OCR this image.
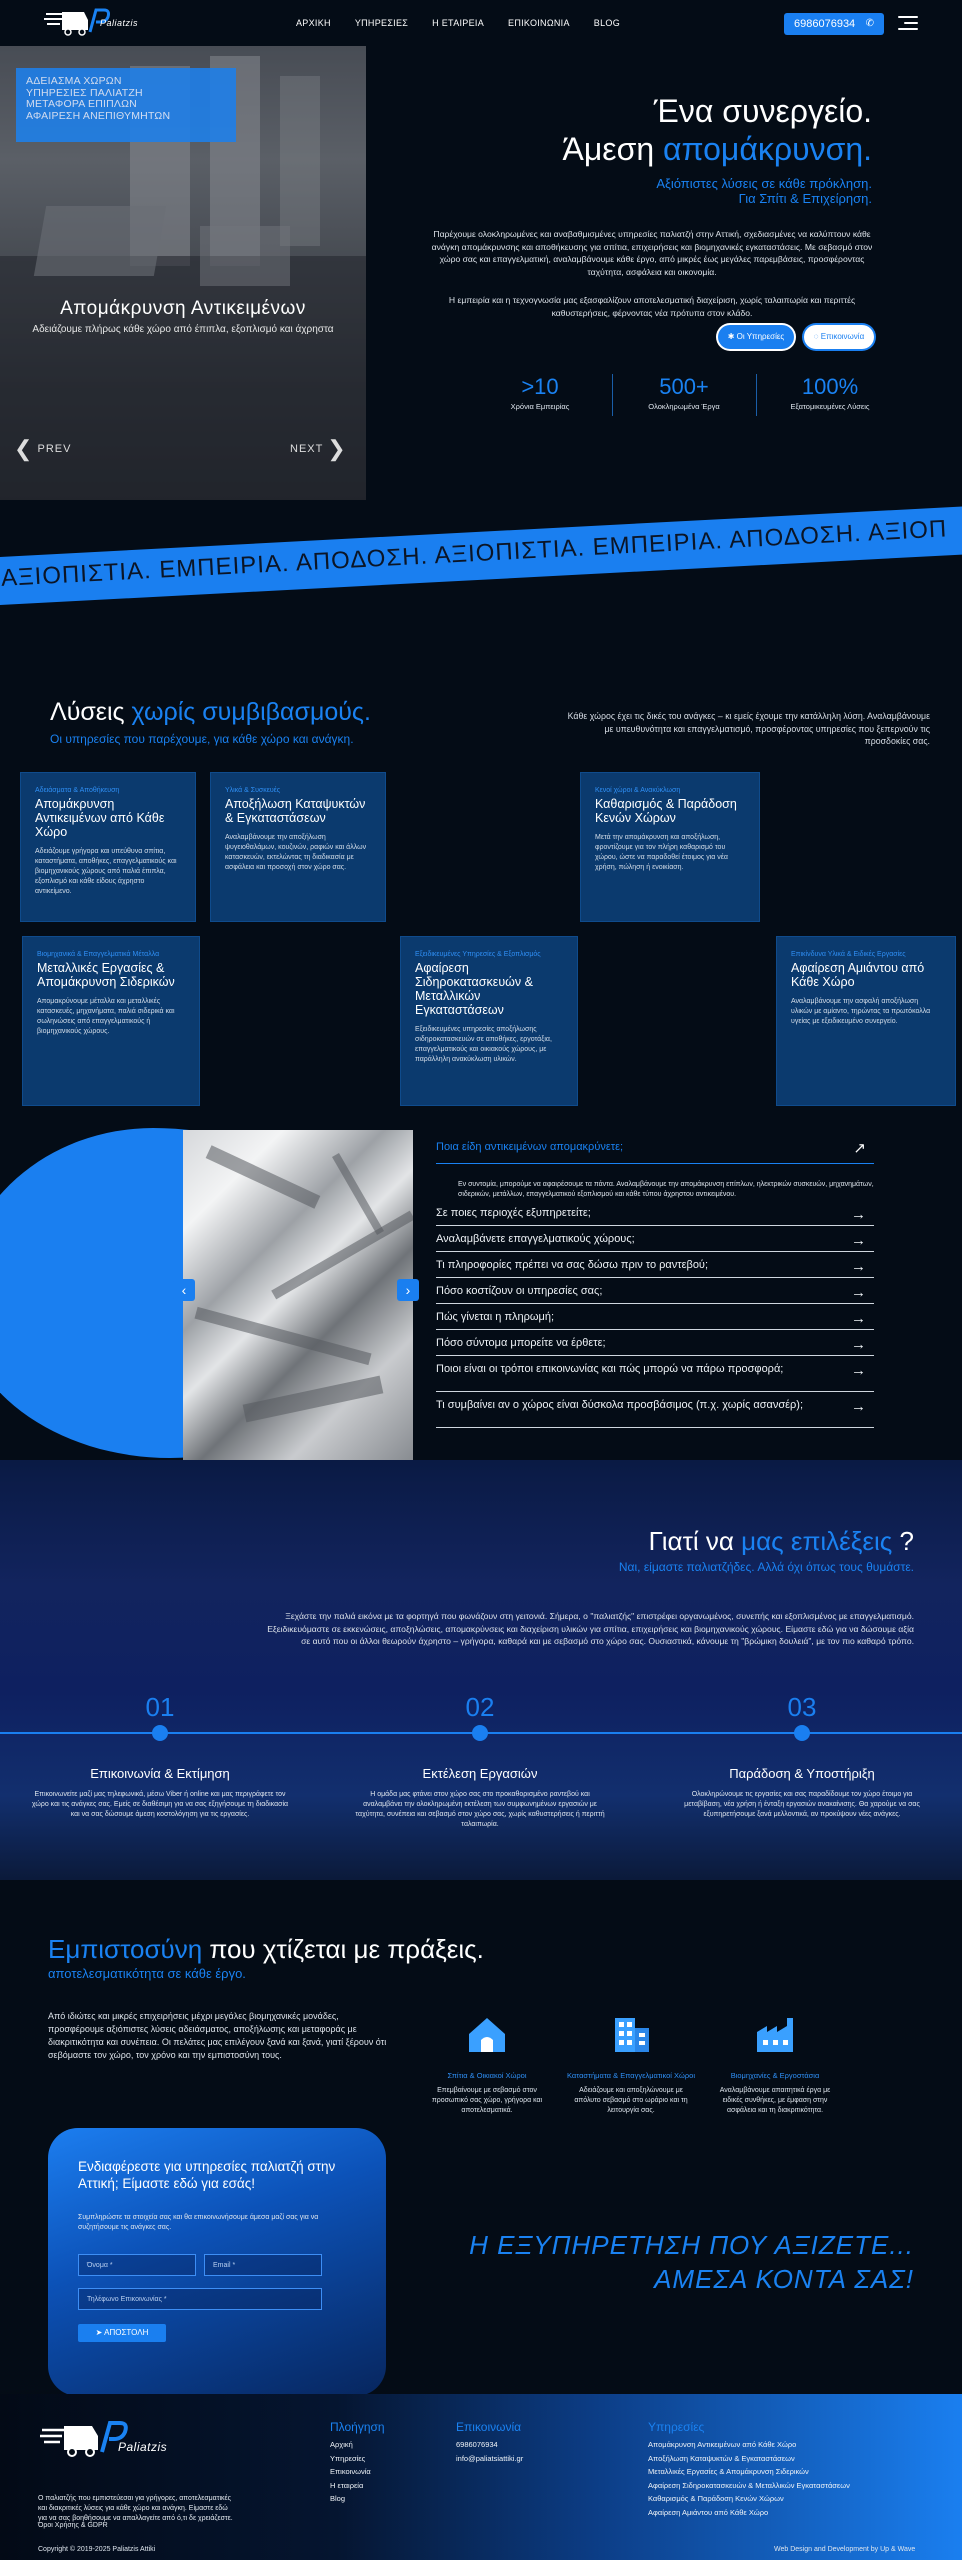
Paliatzis	ΑΡΧΙΚΗ	ΥΠΗΡΕΣΙΕΣ	Η ΕΤΑΙΡΕΙΑ	ΕΠΙΚΟΙΝΩΝΙΑ	BLOG	6986076934 ✆
ΑΔΕΙΑΣΜΑ ΧΩΡΩΝ
ΥΠΗΡΕΣΙΕΣ ΠΑΛΙΑΤΖΗ
ΜΕΤΑΦΟΡΑ ΕΠΙΠΛΩΝ
ΑΦΑΙΡΕΣΗ ΑΝΕΠΙΘΥΜΗΤΩΝ
Απομάκρυνση Αντικειμένων
Αδειάζουμε πλήρως κάθε χώρο από έπιπλα, εξοπλισμό και άχρηστα
❮ PREV	NEXT ❯
Ένα συνεργείο.
Άμεση απομάκρυνση.
Αξιόπιστες λύσεις σε κάθε πρόκληση.
Για Σπίτι & Επιχείρηση.
Παρέχουμε ολοκληρωμένες και αναβαθμισμένες υπηρεσίες παλιατζή στην Αττική, σχεδιασμένες να καλύπτουν κάθε ανάγκη απομάκρυνσης και αποθήκευσης για σπίτια, επιχειρήσεις και βιομηχανικές εγκαταστάσεις. Με σεβασμό στον χώρο σας και επαγγελματική, αναλαμβάνουμε κάθε έργο, από μικρές έως μεγάλες παρεμβάσεις, προσφέροντας ταχύτητα, ασφάλεια και οικονομία.
Η εμπειρία και η τεχνογνωσία μας εξασφαλίζουν αποτελεσματική διαχείριση, χωρίς ταλαιπωρία και περιττές καθυστερήσεις, φέρνοντας νέα πρότυπα στον κλάδο.
✱ Οι Υπηρεσίες	◌ Επικοινωνία
>10
Χρόνια Εμπειρίας
500+
Ολοκληρωμένα Έργα
100%
Εξατομικευμένες Λύσεις
ΑΞΙΟΠΙΣΤΙΑ. ΕΜΠΕΙΡΙΑ. ΑΠΟΔΟΣΗ. ΑΞΙΟΠΙΣΤΙΑ. ΕΜΠΕΙΡΙΑ. ΑΠΟΔΟΣΗ. ΑΞΙΟΠ
Λύσεις χωρίς συμβιβασμούς.
Οι υπηρεσίες που παρέχουμε, για κάθε χώρο και ανάγκη.
Κάθε χώρος έχει τις δικές του ανάγκες – κι εμείς έχουμε την κατάλληλη λύση. Αναλαμβάνουμε με υπευθυνότητα και επαγγελματισμό, προσφέροντας υπηρεσίες που ξεπερνούν τις προσδοκίες σας.
Αδειάσματα & Αποθήκευση
Απομάκρυνση Αντικειμένων από Κάθε Χώρο
Αδειάζουμε γρήγορα και υπεύθυνα σπίτια, καταστήματα, αποθήκες, επαγγελματικούς και βιομηχανικούς χώρους από παλιά έπιπλα, εξοπλισμό και κάθε είδους άχρηστο αντικείμενο.
Υλικά & Συσκευές
Αποξήλωση Καταψυκτών & Εγκαταστάσεων
Αναλαμβάνουμε την αποξήλωση ψυγειοθαλάμων, κουζινών, ραφιών και άλλων κατασκευών, εκτελώντας τη διαδικασία με ασφάλεια και προσοχή στον χώρο σας.
Κενοί χώροι & Ανακύκλωση
Καθαρισμός & Παράδοση Κενών Χώρων
Μετά την απομάκρυνση και αποξήλωση, φροντίζουμε για τον πλήρη καθαρισμό του χώρου, ώστε να παραδοθεί έτοιμος για νέα χρήση, πώληση ή ενοικίαση.
Βιομηχανικά & Επαγγελματικά Μέταλλα
Μεταλλικές Εργασίες & Απομάκρυνση Σιδερικών
Απομακρύνουμε μέταλλα και μεταλλικές κατασκευές, μηχανήματα, παλιά σιδερικά και σωληνώσεις από επαγγελματικούς ή βιομηχανικούς χώρους.
Εξειδικευμένες Υπηρεσίες & Εξοπλισμός
Αφαίρεση Σιδηροκατασκευών & Μεταλλικών Εγκαταστάσεων
Εξειδικευμένες υπηρεσίες αποξήλωσης σιδηροκατασκευών σε αποθήκες, εργοτάξια, επαγγελματικούς και οικιακούς χώρους, με παράλληλη ανακύκλωση υλικών.
Επικίνδυνα Υλικά & Ειδικές Εργασίες
Αφαίρεση Αμιάντου από Κάθε Χώρο
Αναλαμβάνουμε την ασφαλή αποξήλωση υλικών με αμίαντο, τηρώντας τα πρωτόκολλα υγείας με εξειδικευμένο συνεργείο.
‹	›
Ποια είδη αντικειμένων απομακρύνετε;	↗
Εν συντομία, μπορούμε να αφαιρέσουμε τα πάντα. Αναλαμβάνουμε την απομάκρυνση επίπλων, ηλεκτρικών συσκευών, μηχανημάτων, σιδερικών, μετάλλων, επαγγελματικού εξοπλισμού και κάθε τύπου άχρηστου αντικειμένου.
Σε ποιες περιοχές εξυπηρετείτε;	→
Αναλαμβάνετε επαγγελματικούς χώρους;	→
Τι πληροφορίες πρέπει να σας δώσω πριν το ραντεβού;	→
Πόσο κοστίζουν οι υπηρεσίες σας;	→
Πώς γίνεται η πληρωμή;	→
Πόσο σύντομα μπορείτε να έρθετε;	→
Ποιοι είναι οι τρόποι επικοινωνίας και πώς μπορώ να πάρω προσφορά;	→
Τι συμβαίνει αν ο χώρος είναι δύσκολα προσβάσιμος (π.χ. χωρίς ασανσέρ);	→
Γιατί να μας επιλέξεις ?
Ναι, είμαστε παλιατζήδες. Αλλά όχι όπως τους θυμάστε.
Ξεχάστε την παλιά εικόνα με τα φορτηγά που φωνάζουν στη γειτονιά. Σήμερα, ο "παλιατζής" επιστρέφει οργανωμένος, συνεπής και εξοπλισμένος με επαγγελματισμό. Εξειδικευόμαστε σε εκκενώσεις, αποξηλώσεις, απομακρύνσεις και διαχείριση υλικών για σπίτια, επιχειρήσεις και βιομηχανικούς χώρους. Είμαστε εδώ για να δώσουμε αξία σε αυτό που οι άλλοι θεωρούν άχρηστο – γρήγορα, καθαρά και με σεβασμό στο χώρο σας. Ουσιαστικά, κάνουμε τη "βρώμικη δουλειά", με τον πιο καθαρό τρόπο.
01	02	03
Επικοινωνία & Εκτίμηση
Επικοινωνείτε μαζί μας τηλεφωνικά, μέσω Viber ή online και μας περιγράφετε τον χώρο και τις ανάγκες σας. Εμείς σε διαθέσιμη για να σας εξηγήσουμε τη διαδικασία και να σας δώσουμε άμεση κοστολόγηση για τις εργασίες.
Εκτέλεση Εργασιών
Η ομάδα μας φτάνει στον χώρο σας στο προκαθορισμένο ραντεβού και αναλαμβάνει την ολοκληρωμένη εκτέλεση των συμφωνημένων εργασιών με ταχύτητα, συνέπεια και σεβασμό στον χώρο σας, χωρίς καθυστερήσεις ή περιττή ταλαιπωρία.
Παράδοση & Υποστήριξη
Ολοκληρώνουμε τις εργασίες και σας παραδίδουμε τον χώρο έτοιμο για μεταβίβαση, νέα χρήση ή ένταξη εργασιών ανακαίνισης. Θα χαρούμε να σας εξυπηρετήσουμε ξανά μελλοντικά, αν προκύψουν νέες ανάγκες.
Εμπιστοσύνη που χτίζεται με πράξεις.
αποτελεσματικότητα σε κάθε έργο.
Από ιδιώτες και μικρές επιχειρήσεις μέχρι μεγάλες βιομηχανικές μονάδες, προσφέρουμε αξιόπιστες λύσεις αδειάσματος, αποξήλωσης και μεταφοράς με διακριτικότητα και συνέπεια. Οι πελάτες μας επιλέγουν ξανά και ξανά, γιατί ξέρουν ότι σεβόμαστε τον χώρο, τον χρόνο και την εμπιστοσύνη τους.
Σπίτια & Οικιακοί Χώροι
Επεμβαίνουμε με σεβασμό στον προσωπικό σας χώρο, γρήγορα και αποτελεσματικά.
Καταστήματα & Επαγγελματικοί Χώροι
Αδειάζουμε και αποξηλώνουμε με απόλυτο σεβασμό στο ωράριο και τη λειτουργία σας.
Βιομηχανίες & Εργοστάσια
Αναλαμβάνουμε απαιτητικά έργα με ειδικές συνθήκες, με έμφαση στην ασφάλεια και τη διακριτικότητα.
Ενδιαφέρεστε για υπηρεσίες παλιατζή στην Αττική; Είμαστε εδώ για εσάς!
Συμπληρώστε τα στοιχεία σας και θα επικοινωνήσουμε άμεσα μαζί σας για να συζητήσουμε τις ανάγκες σας.
Όνομα *	Email *
Τηλέφωνο Επικοινωνίας *
➤ ΑΠΟΣΤΟΛΗ
Η ΕΞΥΠΗΡΕΤΗΣΗ ΠΟΥ ΑΞΙΖΕΤΕ...
ΑΜΕΣΑ ΚΟΝΤΑ ΣΑΣ!
Paliatzis
Ο παλιατζής που εμπιστεύεσαι για γρήγορες, αποτελεσματικές και διακριτικές λύσεις για κάθε χώρο και ανάγκη. Είμαστε εδώ για να σας βοηθήσουμε να απαλλαγείτε από ό,τι δε χρειάζεστε.
Όροι Χρήσης & GDPR
Πλοήγηση
Αρχική
Υπηρεσίες
Επικοινωνία
Η εταιρεία
Blog
Επικοινωνία
6986076934
info@paliatsiattiki.gr
Υπηρεσίες
Απομάκρυνση Αντικειμένων από Κάθε Χώρο
Αποξήλωση Καταψυκτών & Εγκαταστάσεων
Μεταλλικές Εργασίες & Απομάκρυνση Σιδερικών
Αφαίρεση Σιδηροκατασκευών & Μεταλλικών Εγκαταστάσεων
Καθαρισμός & Παράδοση Κενών Χώρων
Αφαίρεση Αμιάντου από Κάθε Χώρο
Copyright © 2019-2025 Paliatzis Attiki	Web Design and Development by Up & Wave
